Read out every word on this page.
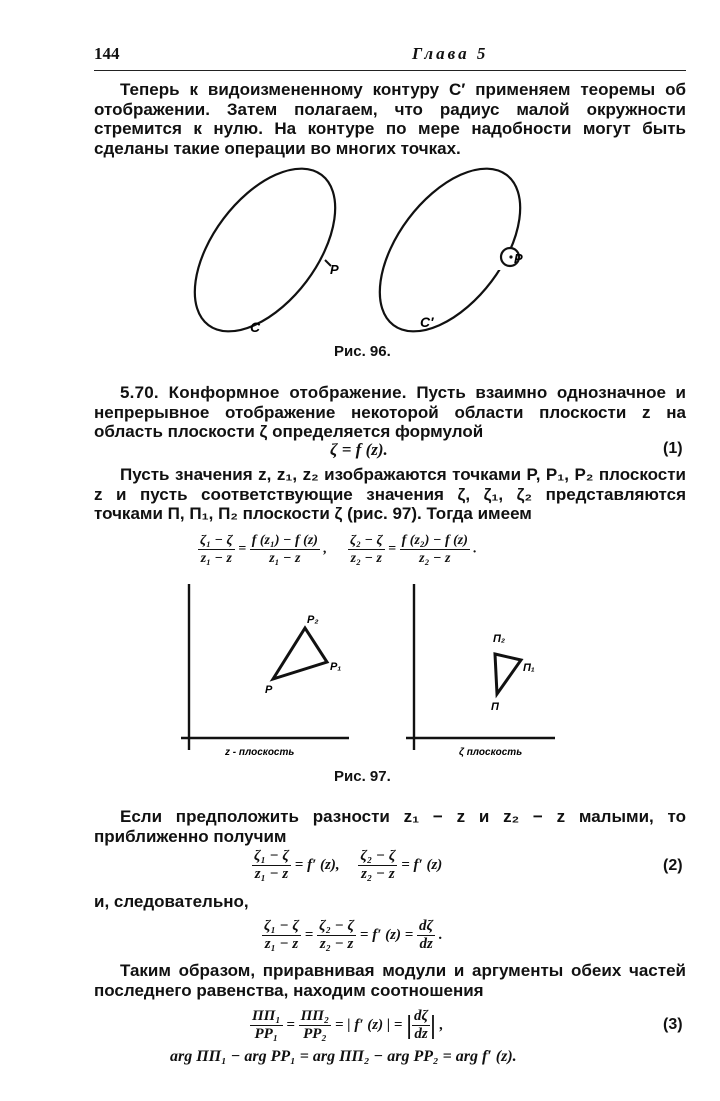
144	Глава 5
Теперь к видоизмененному контуру C′ применяем теоремы об отображении. Затем полагаем, что радиус малой окружности стремится к нулю. На контуре по мере надобности могут быть сделаны такие операции во многих точках.
P
C
P
C′
Рис. 96.
5.70. Конформное отображение. Пусть взаимно однозначное и непрерывное отображение некоторой области плоскости z на область плоскости ζ определяется формулой
ζ = f (z).	(1)
Пусть значения z, z₁, z₂ изображаются точками P, P₁, P₂ плоскости z и пусть соответствующие значения ζ, ζ₁, ζ₂ представляются точками Π, Π₁, Π₂ плоскости ζ (рис. 97). Тогда имеем
$\frac{\text{ζ₁ − ζ}}{\text{z₁ − z}} = \frac{\text{f (z₁) − f (z)}}{\text{z₁ − z}}$ , $\frac{\text{ζ₂ − ζ}}{\text{z₂ − z}} = \frac{\text{f (z₂) − f (z)}}{\text{z₂ − z}}$ .
P₂
P₁
P
z - плоскость
Π₂
Π₁
Π
ζ плоскость
Рис. 97.
Если предположить разности z₁ − z и z₂ − z малыми, то приближенно получим
$\frac{\text{ζ₁ − ζ}}{\text{z₁ − z}} = f'$ (z), $\frac{\text{ζ₂ − ζ}}{\text{z₂ − z}} = f'$ (z)	(2)
и, следовательно,
$\frac{\text{ζ₁ − ζ}}{\text{z₁ − z}} = \frac{\text{ζ₂ − ζ}}{\text{z₂ − z}} = f'$ $(z) = \frac{d\zeta}{dz}$ .
Таким образом, приравнивая модули и аргументы обеих частей последнего равенства, находим соотношения
$\frac{\text{ΠΠ₁}}{\text{PP₁}} = \frac{\text{ΠΠ₂}}{\text{PP₂}}$ = | f′ (z) | = | $\frac{d\zeta}{dz}$ | ,	(3)
arg ΠΠ₁ − arg PP₁ = arg ΠΠ₂ − arg PP₂ = arg f′ (z).
